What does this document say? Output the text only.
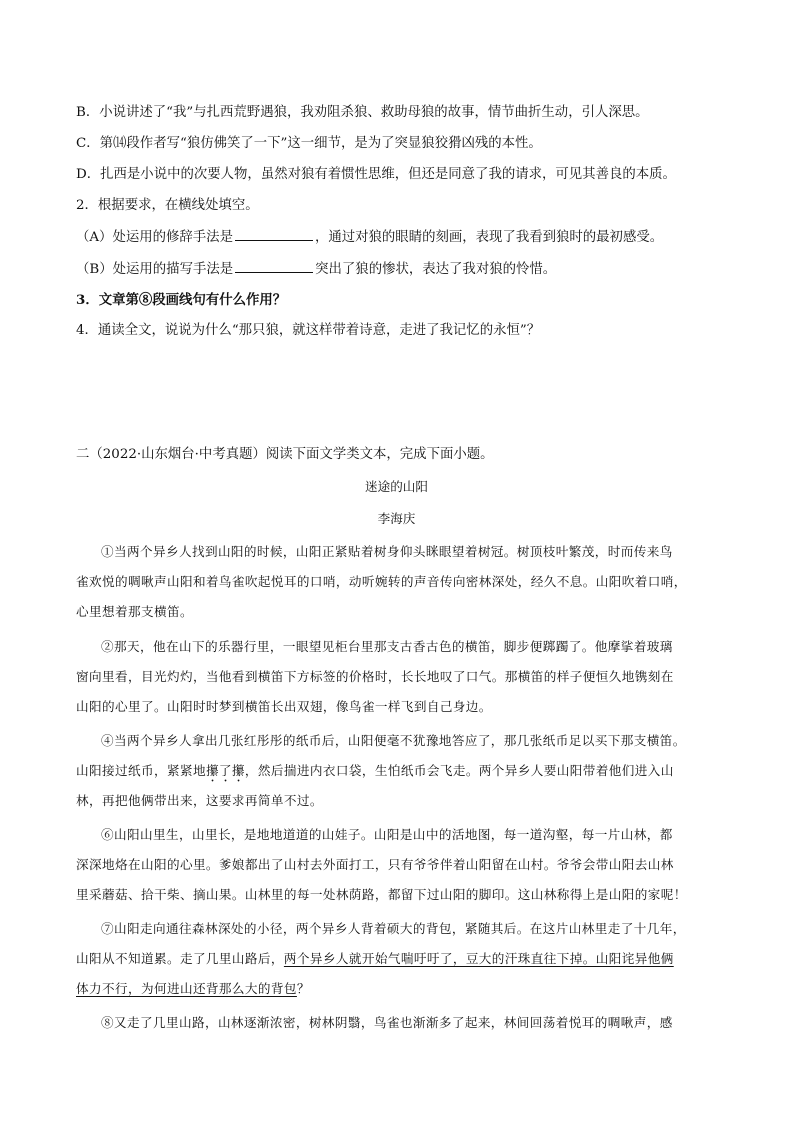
B．小说讲述了“我”与扎西荒野遇狼，我劝阻杀狼、救助母狼的故事，情节曲折生动，引人深思。
C．第⒁段作者写“狼仿佛笑了一下”这一细节，是为了突显狼狡猾凶残的本性。
D．扎西是小说中的次要人物，虽然对狼有着惯性思维，但还是同意了我的请求，可见其善良的本质。
2．根据要求，在横线处填空。
（A）处运用的修辞手法是	，通过对狼的眼睛的刻画，表现了我看到狼时的最初感受。
（B）处运用的描写手法是	突出了狼的惨状，表达了我对狼的怜惜。
3．文章第⑧段画线句有什么作用？
4．通读全文，说说为什么“那只狼，就这样带着诗意，走进了我记忆的永恒”？
二（2022·山东烟台·中考真题）阅读下面文学类文本，完成下面小题。
迷途的山阳
李海庆
①当两个异乡人找到山阳的时候，山阳正紧贴着树身仰头眯眼望着树冠。树顶枝叶繁茂，时而传来鸟
雀欢悦的啁啾声山阳和着鸟雀吹起悦耳的口哨，动听婉转的声音传向密林深处，经久不息。山阳吹着口哨，
心里想着那支横笛。
②那天，他在山下的乐器行里，一眼望见柜台里那支古香古色的横笛，脚步便踯躅了。他摩挲着玻璃
窗向里看，目光灼灼，当他看到横笛下方标签的价格时，长长地叹了口气。那横笛的样子便恒久地镌刻在
山阳的心里了。山阳时时梦到横笛长出双翅，像鸟雀一样飞到自己身边。
④当两个异乡人拿出几张红彤彤的纸币后，山阳便毫不犹豫地答应了，那几张纸币足以买下那支横笛。
山阳接过纸币，紧紧地攥了攥，然后揣进内衣口袋，生怕纸币会飞走。两个异乡人要山阳带着他们进入山
林，再把他俩带出来，这要求再简单不过。
⑥山阳山里生，山里长，是地地道道的山娃子。山阳是山中的活地图，每一道沟壑，每一片山林，都
深深地烙在山阳的心里。爹娘都出了山村去外面打工，只有爷爷伴着山阳留在山村。爷爷会带山阳去山林
里采蘑菇、拾干柴、摘山果。山林里的每一处林荫路，都留下过山阳的脚印。这山林称得上是山阳的家呢！
⑦山阳走向通往森林深处的小径，两个异乡人背着硕大的背包，紧随其后。在这片山林里走了十几年，
山阳从不知道累。走了几里山路后，两个异乡人就开始气喘吁吁了，豆大的汗珠直往下掉。山阳诧异他俩
体力不行，为何进山还背那么大的背包？
⑧又走了几里山路，山林逐渐浓密，树林阴翳，鸟雀也渐渐多了起来，林间回荡着悦耳的啁啾声，感
